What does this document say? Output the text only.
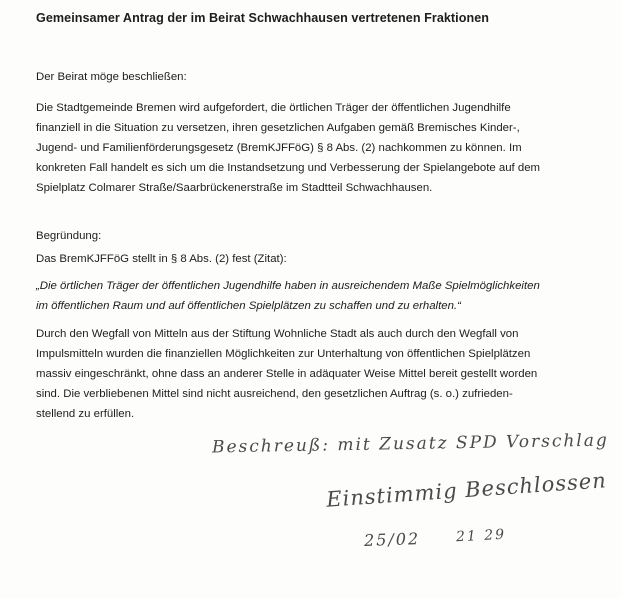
Gemeinsamer Antrag der im Beirat Schwachhausen vertretenen Fraktionen
Der Beirat möge beschließen:
Die Stadtgemeinde Bremen wird aufgefordert, die örtlichen Träger der öffentlichen Jugendhilfe
finanziell in die Situation zu versetzen, ihren gesetzlichen Aufgaben gemäß Bremisches Kinder-,
Jugend- und Familienförderungsgesetz (BremKJFFöG) § 8 Abs. (2) nachkommen zu können. Im
konkreten Fall handelt es sich um die Instandsetzung und Verbesserung der Spielangebote auf dem
Spielplatz Colmarer Straße/Saarbrückenerstraße im Stadtteil Schwachhausen.
Begründung:
Das BremKJFFöG stellt in § 8 Abs. (2) fest (Zitat):
„Die örtlichen Träger der öffentlichen Jugendhilfe haben in ausreichendem Maße Spielmöglichkeiten
im öffentlichen Raum und auf öffentlichen Spielplätzen zu schaffen und zu erhalten.“
Durch den Wegfall von Mitteln aus der Stiftung Wohnliche Stadt als auch durch den Wegfall von
Impulsmitteln wurden die finanziellen Möglichkeiten zur Unterhaltung von öffentlichen Spielplätzen
massiv eingeschränkt, ohne dass an anderer Stelle in adäquater Weise Mittel bereit gestellt worden
sind. Die verbliebenen Mittel sind nicht ausreichend, den gesetzlichen Auftrag (s. o.) zufrieden-
stellend zu erfüllen.
Beschreuß: mit Zusatz SPD Vorschlag
Einstimmig Beschlossen
25/02	21 29
